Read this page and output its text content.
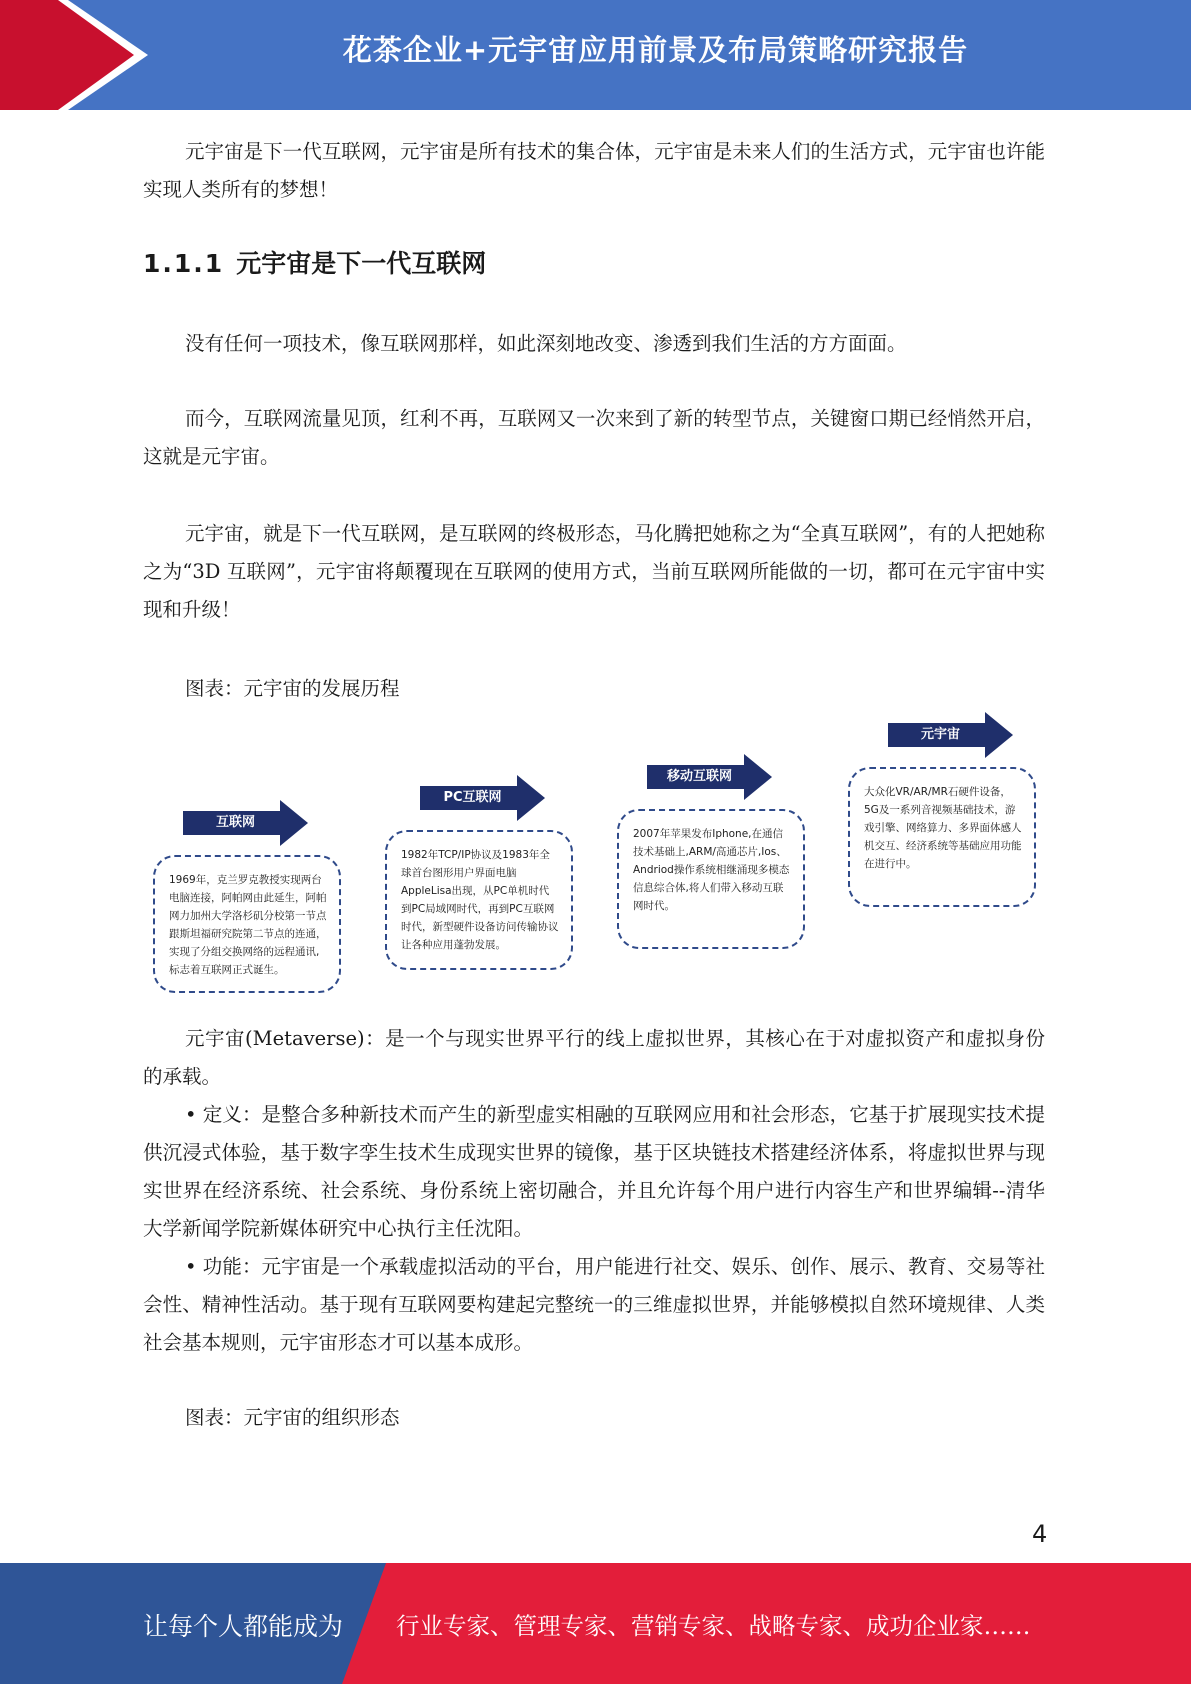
花茶企业+元宇宙应用前景及布局策略研究报告

元宇宙是下一代互联网，元宇宙是所有技术的集合体，元宇宙是未来人们的生活方式，元宇宙也许能实现人类所有的梦想！

1.1.1 元宇宙是下一代互联网

没有任何一项技术，像互联网那样，如此深刻地改变、渗透到我们生活的方方面面。

而今，互联网流量见顶，红利不再，互联网又一次来到了新的转型节点，关键窗口期已经悄然开启，这就是元宇宙。

元宇宙，就是下一代互联网，是互联网的终极形态，马化腾把她称之为“全真互联网”，有的人把她称之为“3D 互联网”，元宇宙将颠覆现在互联网的使用方式，当前互联网所能做的一切，都可在元宇宙中实现和升级！

图表：元宇宙的发展历程

互联网
1969年，克兰罗克教授实现两台电脑连接，阿帕网由此延生，阿帕网力加州大学洛杉矶分校第一节点跟斯坦福研究院第二节点的连通，实现了分组交换网络的远程通讯,标志着互联网正式诞生。
PC互联网
1982年TCP/IP协议及1983年全球首台图形用户界面电脑AppleLisa出现，从PC单机时代到PC局域网时代，再到PC互联网时代，新型硬件设备访问传输协议让各种应用蓬勃发展。
移动互联网
2007年苹果发布Iphone,在通信技术基础上,ARM/高通芯片,Ios、Andriod操作系统相继涌现多模态信息综合体,将人们带入移动互联网时代。
元宇宙
大众化VR/AR/MR石硬件设备，5G及一系列音视频基础技术，游戏引擎、网络算力、多界面体感人机交互、经济系统等基础应用功能在进行中。

元宇宙(Metaverse)：是一个与现实世界平行的线上虚拟世界，其核心在于对虚拟资产和虚拟身份的承载。

• 定义：是整合多种新技术而产生的新型虚实相融的互联网应用和社会形态，它基于扩展现实技术提供沉浸式体验，基于数字孪生技术生成现实世界的镜像，基于区块链技术搭建经济体系，将虚拟世界与现实世界在经济系统、社会系统、身份系统上密切融合，并且允许每个用户进行内容生产和世界编辑--清华大学新闻学院新媒体研究中心执行主任沈阳。

• 功能：元宇宙是一个承载虚拟活动的平台，用户能进行社交、娱乐、创作、展示、教育、交易等社会性、精神性活动。基于现有互联网要构建起完整统一的三维虚拟世界，并能够模拟自然环境规律、人类社会基本规则，元宇宙形态才可以基本成形。

图表：元宇宙的组织形态

4
让每个人都能成为 行业专家、管理专家、营销专家、战略专家、成功企业家……
